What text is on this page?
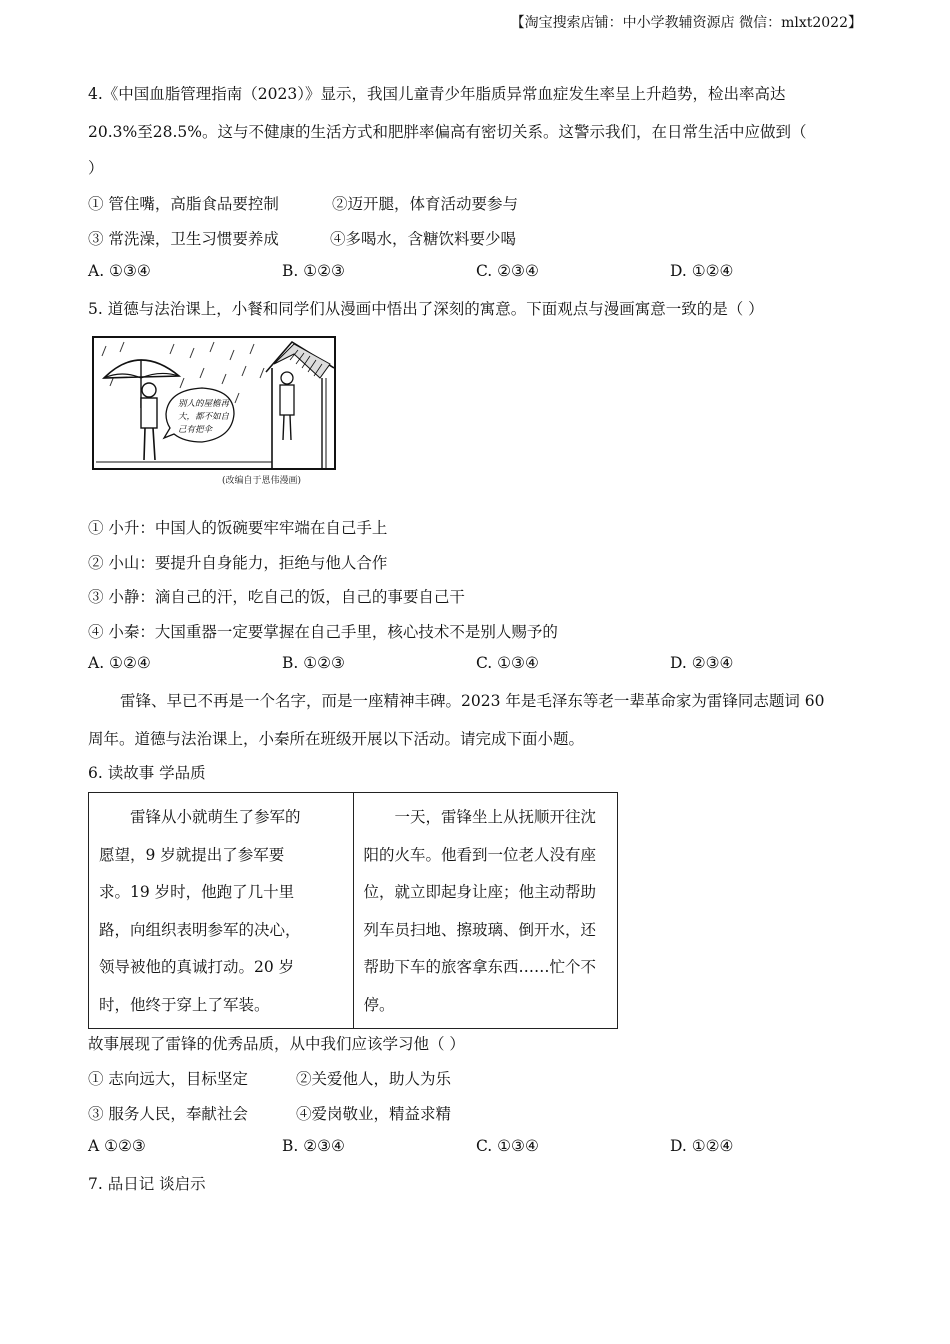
【淘宝搜索店铺：中小学教辅资源店 微信：mlxt2022】
4.《中国血脂管理指南（2023）》显示，我国儿童青少年脂质异常血症发生率呈上升趋势，检出率高达
20.3%至28.5%。这与不健康的生活方式和肥胖率偏高有密切关系。这警示我们，在日常生活中应做到（
）
① 管住嘴，高脂食品要控制	②迈开腿，体育活动要参与
③ 常洗澡，卫生习惯要养成	④多喝水，含糖饮料要少喝
A. ①③④	B. ①②③	C. ②③④	D. ①②④
5. 道德与法治课上，小餐和同学们从漫画中悟出了深刻的寓意。下面观点与漫画寓意一致的是（ ）
别人的屋檐再
大，都不如自
己有把伞
(改编自于恩伟漫画)
① 小升：中国人的饭碗要牢牢端在自己手上
② 小山：要提升自身能力，拒绝与他人合作
③ 小静：滴自己的汗，吃自己的饭，自己的事要自己干
④ 小秦：大国重器一定要掌握在自己手里，核心技术不是别人赐予的
A. ①②④	B. ①②③	C. ①③④	D. ②③④
雷锋、早已不再是一个名字，而是一座精神丰碑。2023 年是毛泽东等老一辈革命家为雷锋同志题词 60
周年。道德与法治课上，小秦所在班级开展以下活动。请完成下面小题。
6. 读故事 学品质

雷锋从小就萌生了参军的
愿望，9 岁就提出了参军要
求。19 岁时，他跑了几十里
路，向组织表明参军的决心，
领导被他的真诚打动。20 岁
时，他终于穿上了军装。

一天，雷锋坐上从抚顺开往沈
阳的火车。他看到一位老人没有座
位，就立即起身让座；他主动帮助
列车员扫地、擦玻璃、倒开水，还
帮助下车的旅客拿东西……忙个不
停。

故事展现了雷锋的优秀品质，从中我们应该学习他（ ）
① 志向远大，目标坚定	②关爱他人，助人为乐
③ 服务人民，奉献社会	④爱岗敬业，精益求精
A ①②③	B. ②③④	C. ①③④	D. ①②④
7. 品日记 谈启示
